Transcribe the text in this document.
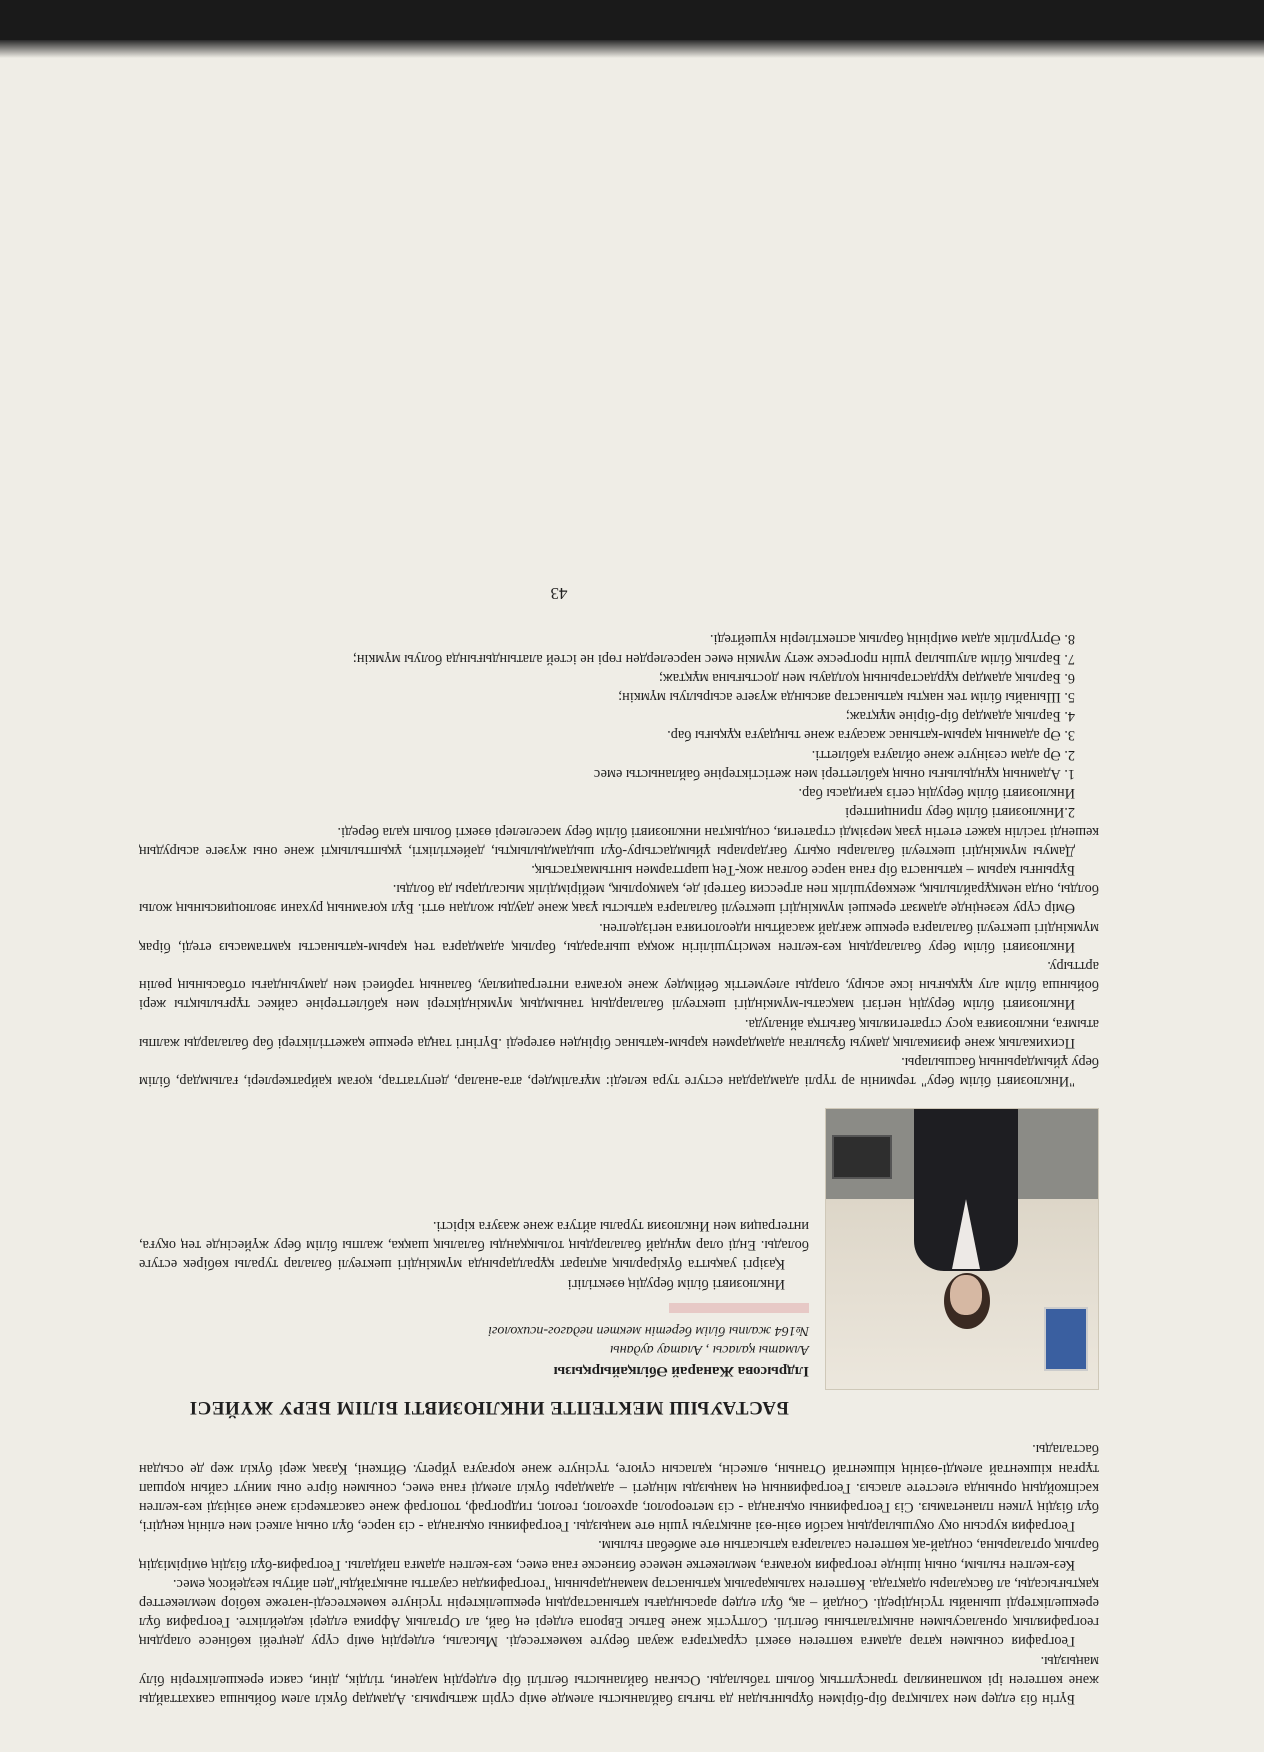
Бүгін біз елдер мен халықтар бір-бірімен бұрынғыдан да тығыз байланысты әлемде өмір сүріп жатырмыз. Адамдар бүкіл әлем бойынша саяхаттайды және көптеген ірі компаниялар трансұлттық болып табылады. Осыған байланысты белгілі бір елдердің мәдени, тілдік, діни, саяси ерекшеліктерін білу маңызды.

География сонымен қатар адамға көптеген өзекті сұрақтарға жауап беруге көмектеседі. Мысалы, елдердің өмір сүру деңгейі көбінесе олардың географиялық орналасуымен анықталатыны белгілі. Солтүстік және Батыс Европа елдері ең бай, ал Орталық Африка елдері кедейлікте. География бұл ерекшеліктерді шынайы түсіндіреді. Сондай – ақ, бұл елдер арасындағы қатынастардың ерекшеліктерін түсінуге көмектеседі-нәтеже көбіор мемлекеттер қақтығысады, ал басқалары одақтада. Көптеген халықаралық қатынастар мамандарының "географиядан сауатты анықтайды"деп айтуы кездейсоқ емес.

Кез-келген ғылым, оның ішінде география қоғамға, мемлекетке немесе бизнеске ғана емес, кез-келген адамға пайдалы. География-бұл біздің өміріміздің барлық орталарына, сондай-ақ көптеген салаларға қатысатын өте әмбебап ғылым.

География курсын оқу оқушылардың кәсіби өзін-өзі анықтауы үшін өте маңызды. Географияны оқығанда - сіз нәрсе, бұл оның әлкесі мен елінің кеңдігі, бұл біздің үлкен планетамыз. Сіз Географияны оқығанда - сіз метеоролог, археолог, геолог, гидрограф, топограф және саясаткерсіз және өзіңізді кез-келген кәсіпкойдың орнында елестете аласыз. Географияның ең маңызды міндеті – адамдары бүкіл әлемді ғана емес, сонымен бірге оны минут сайын қоршап тұрған кішкентай әлемді-өзінің кішкентай Отанын, өлкесін, қаласын сүюге, түсінуге және қорғауға үйрету. Өйткені, Қазақ жері бүкіл жер де осыдан басталады.

БАСТАУЫШ МЕКТЕПТЕ ИНКЛЮЗИВТІ БІЛІМ БЕРУ ЖҮЙЕСІ

Ілдрысова Жанарай Әбілқайырқызы

Алматы қаласы , Алатау ауданы

№164 жалпы білім беретін мектеп педагог-психологі

Инклюзивті білім берудің өзектілігі

Қазіргі уақытта бүкірарлық ақпарат құралдарында мүмкіндігі шектеулі балалар туралы көбірек естуге болады. Енді олар мұндай балалардың толыққанды балалық шақка, жалпы білім беру жүйесінде тең оқуға, интеграция мен Инклюзия туралы айтуға және жазуға кірісті.

"Инклюзивті білім беру" терминін әр түрлі адамдардан естуге тура келеді: мұғалімдер, ата-аналар, депутаттар, қоғам қайраткерлері, ғалымдар, білім беру ұйымдарының басшылары.

Психикалық және физикалық дамуы бұзылған адамдармен қарым-қатынас бірінден өзгереді .Бүгінгі таңда ерекше қажеттіліктері бар балаларды жалпы атымға, инклюзияға қосу стратегиялық бағытқа айналуда.

Инклюзивті білім берудің негізгі мақсаты-мүмкіндігі шектеулі балалардың танымдық мүмкіндіктері мен қабілеттеріне сайкес тұрғылықты жері бойынша білім алу құқығын іске асыру, оларды әлеуметтік бейімдеу және қоғамға интеграциялау, баланың тәрбиесі мен дамуындағы отбасының рөлін арттыру.

Инклюзивті білім беру балалардың кез-келген кемсітушілігін жоққа шығарады, барлық адамдарға тең қарым-қатынасты қамтамасыз етеді, бірақ мүмкіндігі шектеулі балаларға ерекше жағдай жасайтын идеологияға негізделген.

Өмір сүру кезеңінде адамзат ерекшеі мүмкіндігі шектеулі балаларға қатысты ұзақ және дауды жолдан өтті. Бұл қоғамның рухани эволюциясының жолы болды, онда немқұрайлылық, жеккөрушілік пен агрессия бәтгері де, қамқорлық, мейірімділік мысалдары да болды.

Бұрынғы қарым – қатынаста бір ғана нәрсе болған жоқ-Тең шарттармен ынтымақтастық.

Дамуы мүмкіндігі шектеулі балалары оқыту бағдарлары ұйымдастыру-бұл шыдамдылықты, дәйектілікті, ұқыптылықті және оны жүзеге асырудың кешенді тәсілін қажет ететін ұзақ мерзімді стратегия, сондықтан инклюзивті білім беру мәселелері өзекті болып қала береді.

2.Инклюзивті білім беру принциптері

Инклюзивті білім берудің сегіз қағидасы бар.

1. Адамның құндылығы оның қабілеттері мен жетістіктеріне байланысты емес

2. Әр адам сезінуге және ойлауға қабілетті.

3. Әр адамның қарым-қатынас жасауға және тыңдауға құқығы бар.

4. Барлық адамдар бір-біріне мұқтаж;

5. Шынайы білім тек нақты қатынастар аясында жүзеге асырылуы мүмкін;

6. Барлық адамдар құрдастарының қолдауы мен достығына мұқтаж;

7. Барлық білім алушылар үшін прогреске жету мүмкін емес нәрселерден гөрі не істей алатындығында болуы мүмкін;

8. Әртүрлілік адам өмірінің барлық аспектілерін күшейтеді.

43
